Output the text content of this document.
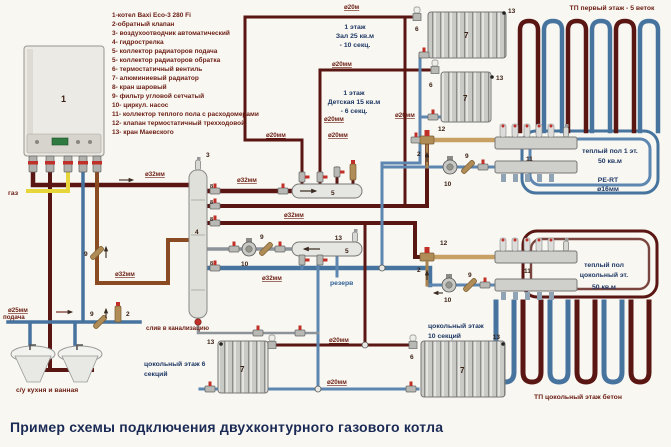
1-котел Baxi Eco-3 280 Fi
2-обратный клапан
3- воздухоотводчик автоматический
4- гидрострелка
5- коллектор радиаторов подача
5- коллектор радиаторов обратка
6- термостатичный вентиль
7- алюминиевый радиатор
8- кран шаровый
9- фильтр угловой сетчатый
10- циркул. насос
11- коллектор теплого пола с расходомерами
12- клапан термостатичный трехходовой
13- кран Маевского
1
2
2
2
3
4
5
5
6
6
6
7
7
7
7
8
8
8
8
9
9
9
9
9
10
10
10
11
11
12
12
13
13
13
13
13
ø20м
ø20мм
ø20мм
ø20мм
ø20мм	ø20мм
ø20мм
ø20мм
ø32мм
ø32мм
ø32мм
ø32мм
ø32мм
ø25мм
1 этаж
Зал 25 кв.м
- 10 секц.
1 этаж
Детская 15 кв.м
- 6 секц.
теплый пол 1 эт.
50 кв.м
PE-RT
ø16мм
теплый пол
цокольный эт.
50 кв.м
цокольный этаж
10 секций
цокольный этаж 6
секций
газ
подача
с/у кухня и ванная
слив в канализацию
ТП первый этаж - 5 веток
ТП цокольный этаж бетон
резерв
Пример схемы подключения двухконтурного газового котла
